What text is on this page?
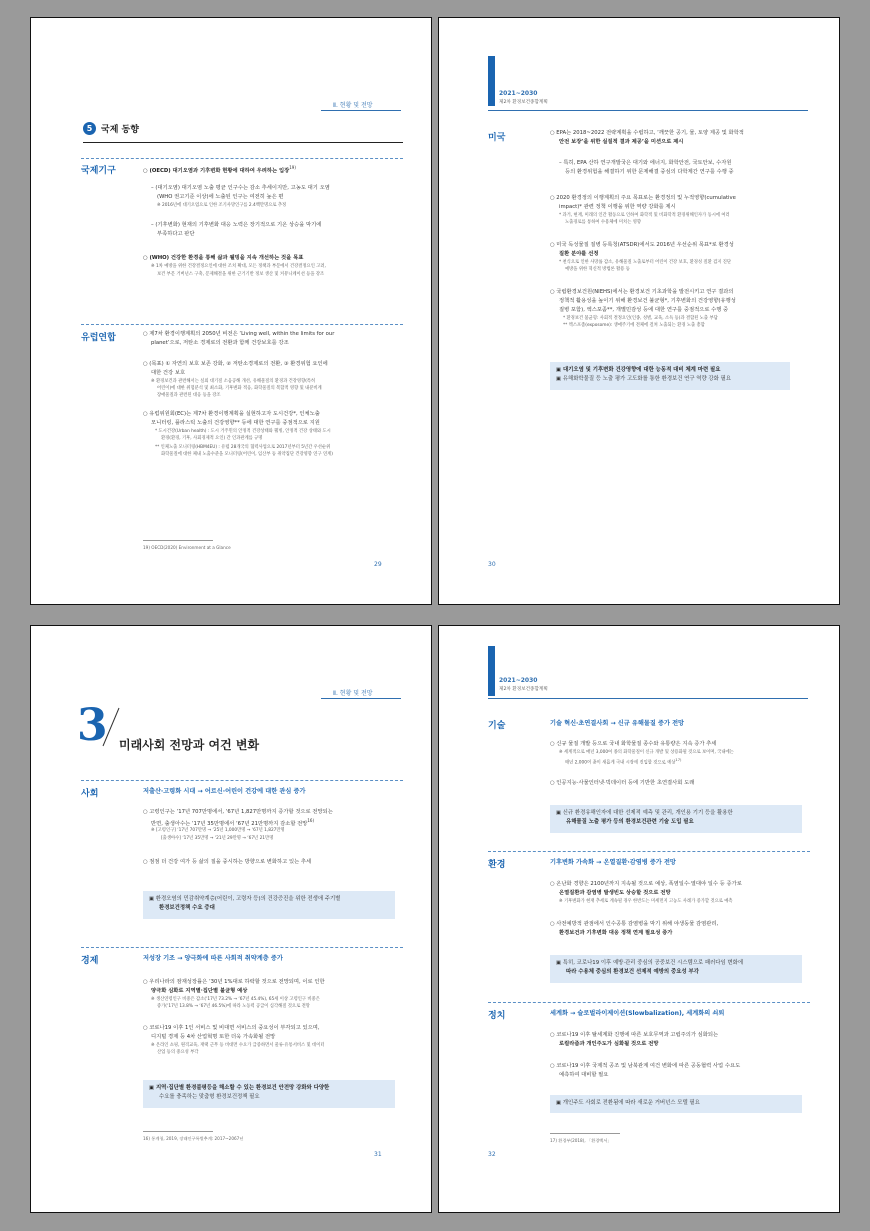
Ⅱ. 현황 및 전망
5 국제 동향
국제기구	○ (OECD) 대기오염과 기후변화 현황에 대하여 우려하는 입장$^{19)}$
– (대기오염) 대기오염 노출 평균 인구수는 감소 추세이지만, 고농도 대기 오염
(WHO 권고기준 이상)에 노출된 인구는 여전히 높은 편
※ 2016년에 대기오염으로 인한 조기사망인구를 2.4백만명으로 추정
– (기후변화) 현재의 기후변화 대응 노력은 장기적으로 기온 상승을 막기에
부족하다고 판단
○ (WHO) 건강한 환경을 통해 삶과 웰빙을 지속 개선하는 것을 목표
※ 1차 예방을 위한 건강결정요인에 대한 조치 확대, 모든 정책과 부문에서 건강결정요인 고려,
보건 부문 거버넌스 구축, 문제해결을 위한 근거기반 정보 생산 및 커뮤니케이션 등을 강조
유럽연합	○ 제7차 환경이행계획의 2050년 비전은 ‘Living well, within the limits for our
planet’으로, 저탄소 경제로의 전환과 함께 건강보호를 강조
○ (목표) ① 자연의 보호 보존 강화, ② 저탄소경제로의 전환, ③ 환경위험 요인에
대한 건강 보호
※ 환경보건과 관련해서는 실외 대기질 소음공해 개선, 유해물질의 환경과 건강영향(특히
어린이)에 대한 위험분석 및 최소화, 기후변화 적응, 화학물질의 복합적 영향 및 내분비계
장애물질과 관련된 대응 등을 강조
○ 유럽위원회(EC)는 제7차 환경이행계획을 실현하고자 도시건강*, 인체노출
모니터링, 플라스틱 노출의 건강영향** 등에 대한 연구를 중점적으로 지원
* 도시건강(Urban health) : 도시 거주민의 안정적 건강상태와 웰빙, 안정적 건강 상태와 도시
환경(환경, 기후, 사회경제적 요인) 간 인과관계를 규명
** 인체노출 모니터링(HBM4EU) : 유럽 28개국의 협력사업으로 2017년부터 5년간 우선순위
화학물질에 대한 체내 노출수준을 모니터링(어린이, 임산부 등 취약집단 건강영향 연구 연계)
19) OECD(2020) Environment at a Glance
29
2021~2030
제2차 환경보건종합계획
미국	○ EPA는 2018~2022 전략계획을 수립하고, ‘깨끗한 공기, 물, 토양 제공 및 화학적
안전 보장’을 위한 실질적 결과 제공’을 미션으로 제시
– 특히, EPA 산하 연구개발국은 대기와 에너지, 화학안전, 국토안보, 수자원
등의 환경위험을 해결하기 위한 문제해결 중심의 다학제간 연구를 수행 중
○ 2020 환경정의 이행계획의 주요 목표로는 환경정의 및 누적영향(cumulative
impact)* 관련 정책 이행을 위한 역량 강화를 제시
* 과거, 현재, 미래의 인간 활동으로 인하여 화학적 및 비화학적 환경위해인자가 동시에 여러
노출경로를 통하여 수용체에 미치는 영향
○ 미국 독성물질 질병 등록청(ATSDR)에서도 2016년 우선순위 목표*로 환경성
질환 분야를 선정
* 천식으로 인한 사망률 감소, 유해물질 노출로부터 어린이 건강 보호, 환경성 질환 검지 진단
예방을 위한 혁신적 방법론 활용 등
○ 국립환경보건원(NIEHS)에서는 환경보건 기초과학을 발전시키고 연구 결과의
정책적 활용성을 높이기 위해 환경보건 불균형*, 기후변화의 건강영향(유행성
질병 포함), 엑스포좀**, 개별민감성 등에 대한 연구를 중점적으로 수행 중
* 환경보건 불균형: 사회적 결정요인(인종, 성별, 교육, 소득 등)과 결합된 노출 부담
** 엑스포좀(exposome): 생애주기에 전체에 걸쳐 노출되는 환경 노출 총합
▣ 대기오염 및 기후변화 건강영향에 대한 능동적 대비 체계 마련 필요
▣ 유해화학물질 등 노출 평가 고도화를 통한 환경보건 연구 역량 강화 필요
30
Ⅱ. 현황 및 전망
3 미래사회 전망과 여건 변화
사회	저출산·고령화 시대 → 어르신·어린이 건강에 대한 관심 증가
○ 고령인구는 ‘17년 707만명에서, ‘67년 1,827만명까지 증가할 것으로 전망되는
반면, 출생아수는 ‘17년 35만명에서 ‘67년 21만명까지 감소할 전망$^{16)}$
※ [고령인구] ‘17년 707만명 → ‘25년 1,000만명 → ‘67년 1,827만명
[출생아수] ‘17년 35만명 → ‘21년 29만명 → ‘67년 21만명
○ 점점 더 건강 여가 등 삶의 질을 중시하는 방향으로 변화하고 있는 추세
▣ 환경오염의 민감취약계층(어린이, 고령자 등)의 건강증진을 위한 전생애 주기별
환경보건정책 수요 증대
경제	저성장 기조 → 양극화에 따른 사회적 취약계층 증가
○ 우리나라의 잠재성장률은 ‘30년 1%대로 하락할 것으로 전망되며, 이로 인한
양극화 심화로 지역별·집단별 불균형 예상
※ 생산연령인구 비중은 감소(‘17년 73.2% → ‘67년 45.4%), 65세 이상 고령인구 비중은
증가(‘17년 13.8% → ‘67년 46.5%)에 따라 노동력 공급이 심각해질 것으로 전망
○ 코로나19 이후 1인 서비스 및 비대면 서비스의 중요성이 부각되고 있으며,
디지털 경제 등 4차 산업혁명 또한 더욱 가속화될 전망
※ 온라인 쇼핑, 원격교육, 재택 근무 등 비대면 수요가 급증하면서 물류·유통서비스 및 데이터
산업 등의 중요성 부각
▣ 지역·집단별 환경불평등을 해소할 수 있는 환경보건 안전망 강화와 다양한
수요를 충족하는 맞춤형 환경보건정책 필요
16) 통계청, 2019, 장래인구특별추계: 2017~2067년
31
2021~2030
제2차 환경보건종합계획
기술	기술 혁신·초연결사회 → 신규 유해물질 증가 전망
○ 신규 물질 개발 등으로 국내 화학물질 종수와 유통량은 지속 증가 추세
※ 세계적으로 매년 3,000여 종의 화학물질이 신규 개발 및 상용화될 것으로 보이며, 국내에는
매년 2,000여 종이 새롭게 국내 시장에 진입할 것으로 예상$^{17)}$
○ 인공지능·사물인터넷·빅데이터 등에 기반한 초연결사회 도래
▣ 신규 환경유해인자에 대한 선제적 예측 및 관리, 개인용 기기 등을 활용한
유해물질 노출 평가 등의 환경보건관련 기술 도입 필요
환경	기후변화 가속화 → 온열질환·감염병 증가 전망
○ 온난화 경향은 2100년까지 지속될 것으로 예상, 폭염일수·열대야 일수 등 증가로
온열질환과 감염병 발생빈도 상승할 것으로 전망
※ 기후변화가 현재 추세로 계속될 경우 한반도는 미세먼지 고농도 사례가 증가할 것으로 예측
○ 사전예방적 관점에서 인수공통 감염병을 막기 위해 야생동물 감염관리,
환경보건과 기후변화 대응 정책 연계 필요성 증가
▣ 특히, 코로나19 이후 예방·관리 중심의 공중보건 시스템으로 패러다임 변화에
따라 수용체 중심의 환경보건 선제적 예방의 중요성 부각
정치	세계화 → 슬로벌라이제이션(Slowbalization), 세계화의 쇠퇴
○ 코로나19 이후 탈세계화 진행에 따른 보호무역과 고립주의가 심화되는
로컬라즘과 개인주도가 심화될 것으로 전망
○ 코로나19 이후 국제적 공조 및 남북관계 여건 변화에 따른 공동협력 사업 수요도
예측하여 대비할 필요
▣ 개인주도 사회로 전환됨에 따라 새로운 거버넌스 모델 필요
17) 환경부(2018), 「환경백서」
32
